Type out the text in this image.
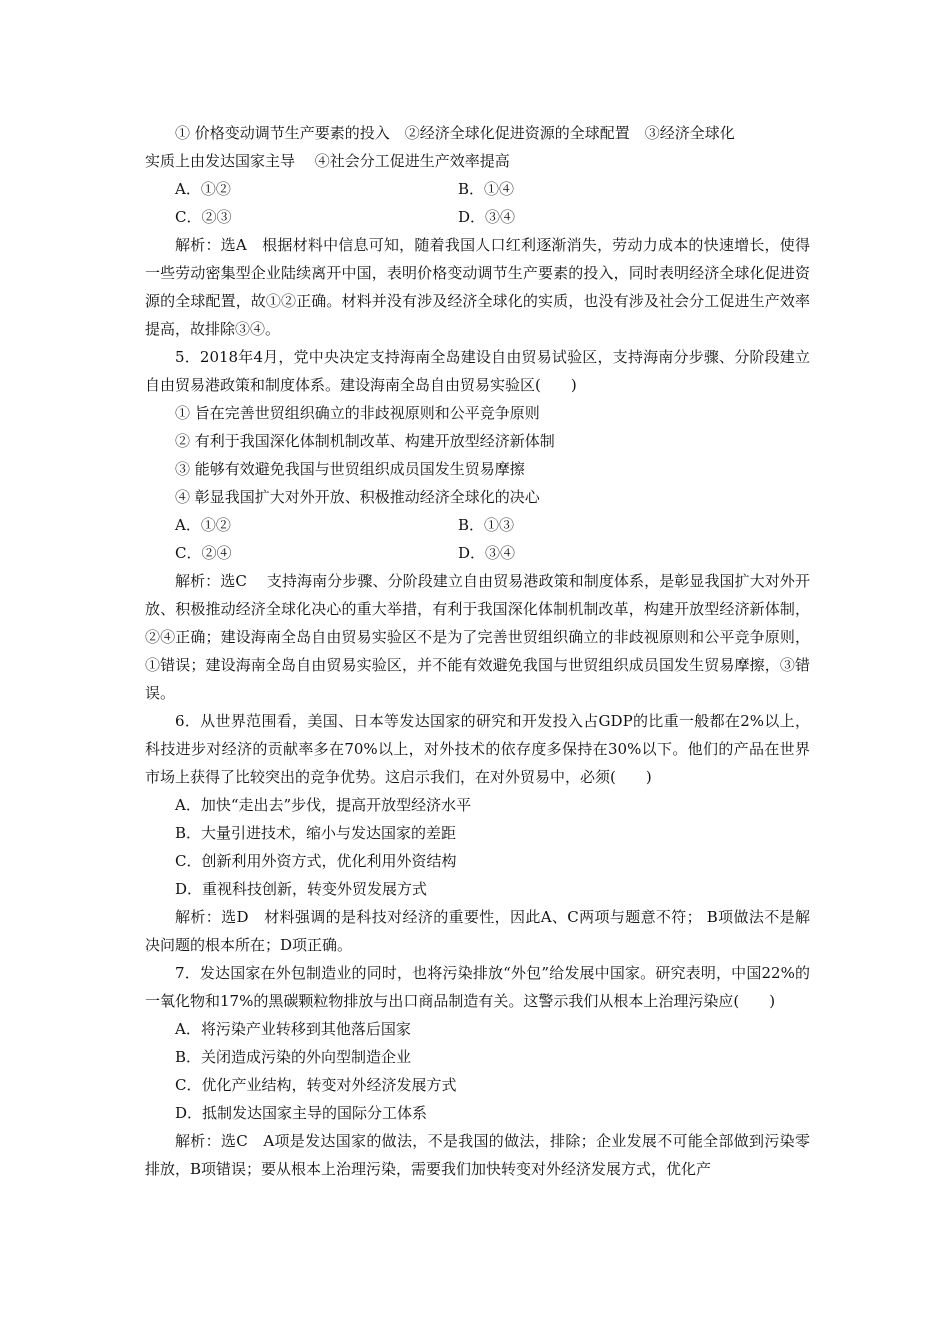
① 价格变动调节生产要素的投入　②经济全球化促进资源的全球配置　③经济全球化

实质上由发达国家主导　 ④社会分工促进生产效率提高

A．①②	B．①④
C．②③	D．③④

解析：选A　根据材料中信息可知，随着我国人口红利逐渐消失，劳动力成本的快速增长，使得一些劳动密集型企业陆续离开中国，表明价格变动调节生产要素的投入，同时表明经济全球化促进资源的全球配置，故①②正确。材料并没有涉及经济全球化的实质，也没有涉及社会分工促进生产效率提高，故排除③④。

5．2018年4月，党中央决定支持海南全岛建设自由贸易试验区，支持海南分步骤、分阶段建立自由贸易港政策和制度体系。建设海南全岛自由贸易实验区(　　)

① 旨在完善世贸组织确立的非歧视原则和公平竞争原则

② 有利于我国深化体制机制改革、构建开放型经济新体制

③ 能够有效避免我国与世贸组织成员国发生贸易摩擦

④ 彰显我国扩大对外开放、积极推动经济全球化的决心

A．①②	B．①③
C．②④	D．③④

解析：选C　 支持海南分步骤、分阶段建立自由贸易港政策和制度体系，是彰显我国扩大对外开放、积极推动经济全球化决心的重大举措，有利于我国深化体制机制改革，构建开放型经济新体制，②④正确；建设海南全岛自由贸易实验区不是为了完善世贸组织确立的非歧视原则和公平竞争原则，①错误；建设海南全岛自由贸易实验区，并不能有效避免我国与世贸组织成员国发生贸易摩擦，③错误。

6．从世界范围看，美国、日本等发达国家的研究和开发投入占GDP的比重一般都在2%以上，科技进步对经济的贡献率多在70%以上，对外技术的依存度多保持在30%以下。他们的产品在世界市场上获得了比较突出的竞争优势。这启示我们，在对外贸易中，必须(　　)

A．加快“走出去”步伐，提高开放型经济水平

B．大量引进技术，缩小与发达国家的差距

C．创新利用外资方式，优化利用外资结构

D．重视科技创新，转变外贸发展方式

解析：选D　材料强调的是科技对经济的重要性，因此A、C两项与题意不符； B项做法不是解决问题的根本所在；D项正确。

7．发达国家在外包制造业的同时，也将污染排放“外包”给发展中国家。研究表明，中国22%的一氧化物和17%的黑碳颗粒物排放与出口商品制造有关。这警示我们从根本上治理污染应(　　)

A．将污染产业转移到其他落后国家

B．关闭造成污染的外向型制造企业

C．优化产业结构，转变对外经济发展方式

D．抵制发达国家主导的国际分工体系

解析：选C　A项是发达国家的做法，不是我国的做法，排除；企业发展不可能全部做到污染零排放，B项错误；要从根本上治理污染，需要我们加快转变对外经济发展方式，优化产
